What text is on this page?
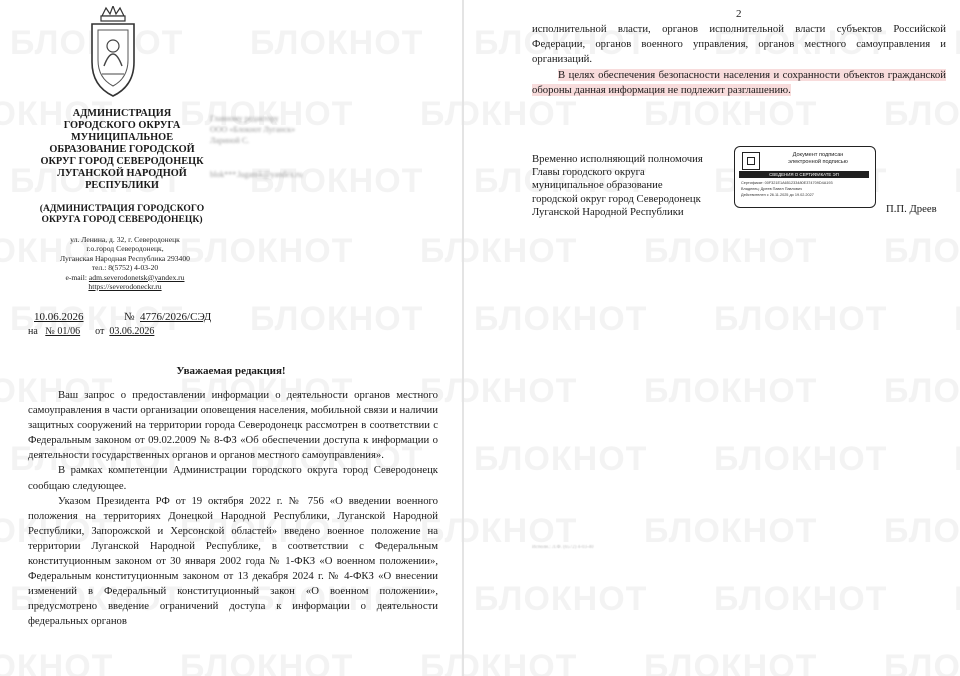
АДМИНИСТРАЦИЯ
ГОРОДСКОГО ОКРУГА
МУНИЦИПАЛЬНОЕ
ОБРАЗОВАНИЕ ГОРОДСКОЙ
ОКРУГ ГОРОД СЕВЕРОДОНЕЦК
ЛУГАНСКОЙ НАРОДНОЙ
РЕСПУБЛИКИ
(АДМИНИСТРАЦИЯ ГОРОДСКОГО
ОКРУГА ГОРОД СЕВЕРОДОНЕЦК)
ул. Ленина, д. 32, г. Северодонецк
г.о.город Северодонецк,
Луганская Народная Республика 293400
тел.: 8(5752) 4-03-20
e-mail: adm.severodonetsk@yandex.ru
https://severodoneckr.ru
Главному редактору
ООО «Блокнот Луганск»
Лариной С.
blok***.lugansk@yandex.ru
10.06.2026	№ 4776/2026/СЭД
на № 01/06 от 03.06.2026
Уважаемая редакция!

Ваш запрос о предоставлении информации о деятельности органов местного самоуправления в части организации оповещения населения, мобильной связи и наличии защитных сооружений на территории города Северодонецк рассмотрен в соответствии с Федеральным законом от 09.02.2009 № 8-ФЗ «Об обеспечении доступа к информации о деятельности государственных органов и органов местного самоуправления».

В рамках компетенции Администрации городского округа город Северодонецк сообщаю следующее.

Указом Президента РФ от 19 октября 2022 г. № 756 «О введении военного положения на территориях Донецкой Народной Республики, Луганской Народной Республики, Запорожской и Херсонской областей» введено военное положение на территории Луганской Народной Республике, в соответствии с Федеральным конституционным законом от 30 января 2002 года № 1-ФКЗ «О военном положении», Федеральным конституционным законом от 13 декабря 2024 г. № 4-ФКЗ «О внесении изменений в Федеральный конституционный закон «О военном положении», предусмотрено введение ограничений доступа к информации о деятельности федеральных органов

2

исполнительной власти, органов исполнительной власти субъектов Российской Федерации, органов военного управления, органов местного самоуправления и организаций.

В целях обеспечения безопасности населения и сохранности объектов гражданской обороны данная информация не подлежит разглашению.

Временно исполняющий полномочия
Главы городского округа
муниципальное образование
городской округ город Северодонецк
Луганской Народной Республики
Документ подписан
электронной подписью
СВЕДЕНИЯ О СЕРТИФИКАТЕ ЭП
Сертификат: 00F321E1A651233480E374709D4A193
Владелец: Дреев Павел Павлович
Действителен с 26.11.2025 до 19.02.2027
П.П. Дреев
Исполн.: Л.Ф. (6572) 4-03-40
